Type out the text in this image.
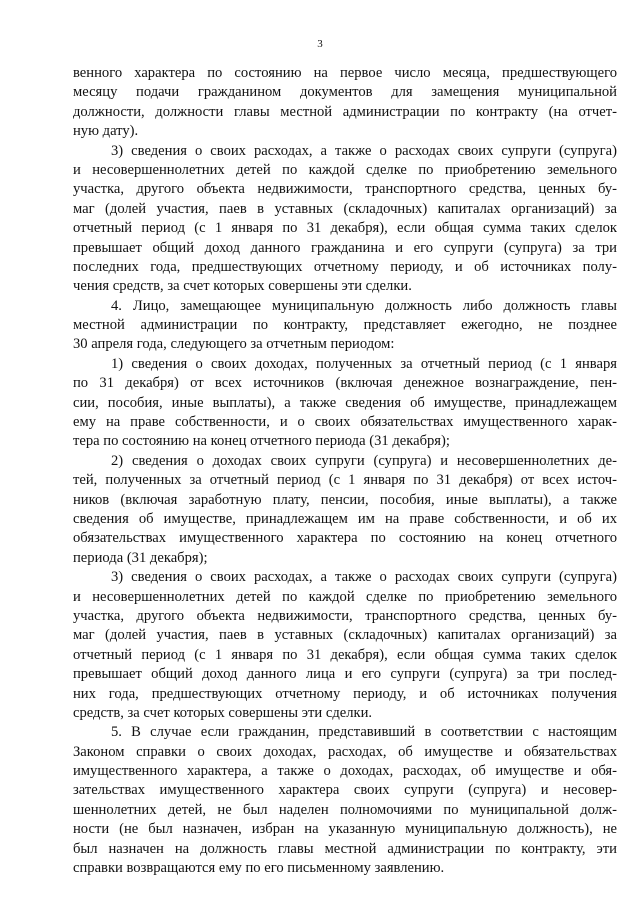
3
венного характера по состоянию на первое число месяца, предшествующего
месяцу подачи гражданином документов для замещения муниципальной
должности, должности главы местной администрации по контракту (на отчет-
ную дату).
3) сведения о своих расходах, а также о расходах своих супруги (супруга)
и несовершеннолетних детей по каждой сделке по приобретению земельного
участка, другого объекта недвижимости, транспортного средства, ценных бу-
маг (долей участия, паев в уставных (складочных) капиталах организаций) за
отчетный период (с 1 января по 31 декабря), если общая сумма таких сделок
превышает общий доход данного гражданина и его супруги (супруга) за три
последних года, предшествующих отчетному периоду, и об источниках полу-
чения средств, за счет которых совершены эти сделки.
4. Лицо, замещающее муниципальную должность либо должность главы
местной администрации по контракту, представляет ежегодно, не позднее
30 апреля года, следующего за отчетным периодом:
1) сведения о своих доходах, полученных за отчетный период (с 1 января
по 31 декабря) от всех источников (включая денежное вознаграждение, пен-
сии, пособия, иные выплаты), а также сведения об имуществе, принадлежащем
ему на праве собственности, и о своих обязательствах имущественного харак-
тера по состоянию на конец отчетного периода (31 декабря);
2) сведения о доходах своих супруги (супруга) и несовершеннолетних де-
тей, полученных за отчетный период (с 1 января по 31 декабря) от всех источ-
ников (включая заработную плату, пенсии, пособия, иные выплаты), а также
сведения об имуществе, принадлежащем им на праве собственности, и об их
обязательствах имущественного характера по состоянию на конец отчетного
периода (31 декабря);
3) сведения о своих расходах, а также о расходах своих супруги (супруга)
и несовершеннолетних детей по каждой сделке по приобретению земельного
участка, другого объекта недвижимости, транспортного средства, ценных бу-
маг (долей участия, паев в уставных (складочных) капиталах организаций) за
отчетный период (с 1 января по 31 декабря), если общая сумма таких сделок
превышает общий доход данного лица и его супруги (супруга) за три послед-
них года, предшествующих отчетному периоду, и об источниках получения
средств, за счет которых совершены эти сделки.
5. В случае если гражданин, представивший в соответствии с настоящим
Законом справки о своих доходах, расходах, об имуществе и обязательствах
имущественного характера, а также о доходах, расходах, об имуществе и обя-
зательствах имущественного характера своих супруги (супруга) и несовер-
шеннолетних детей, не был наделен полномочиями по муниципальной долж-
ности (не был назначен, избран на указанную муниципальную должность), не
был назначен на должность главы местной администрации по контракту, эти
справки возвращаются ему по его письменному заявлению.
